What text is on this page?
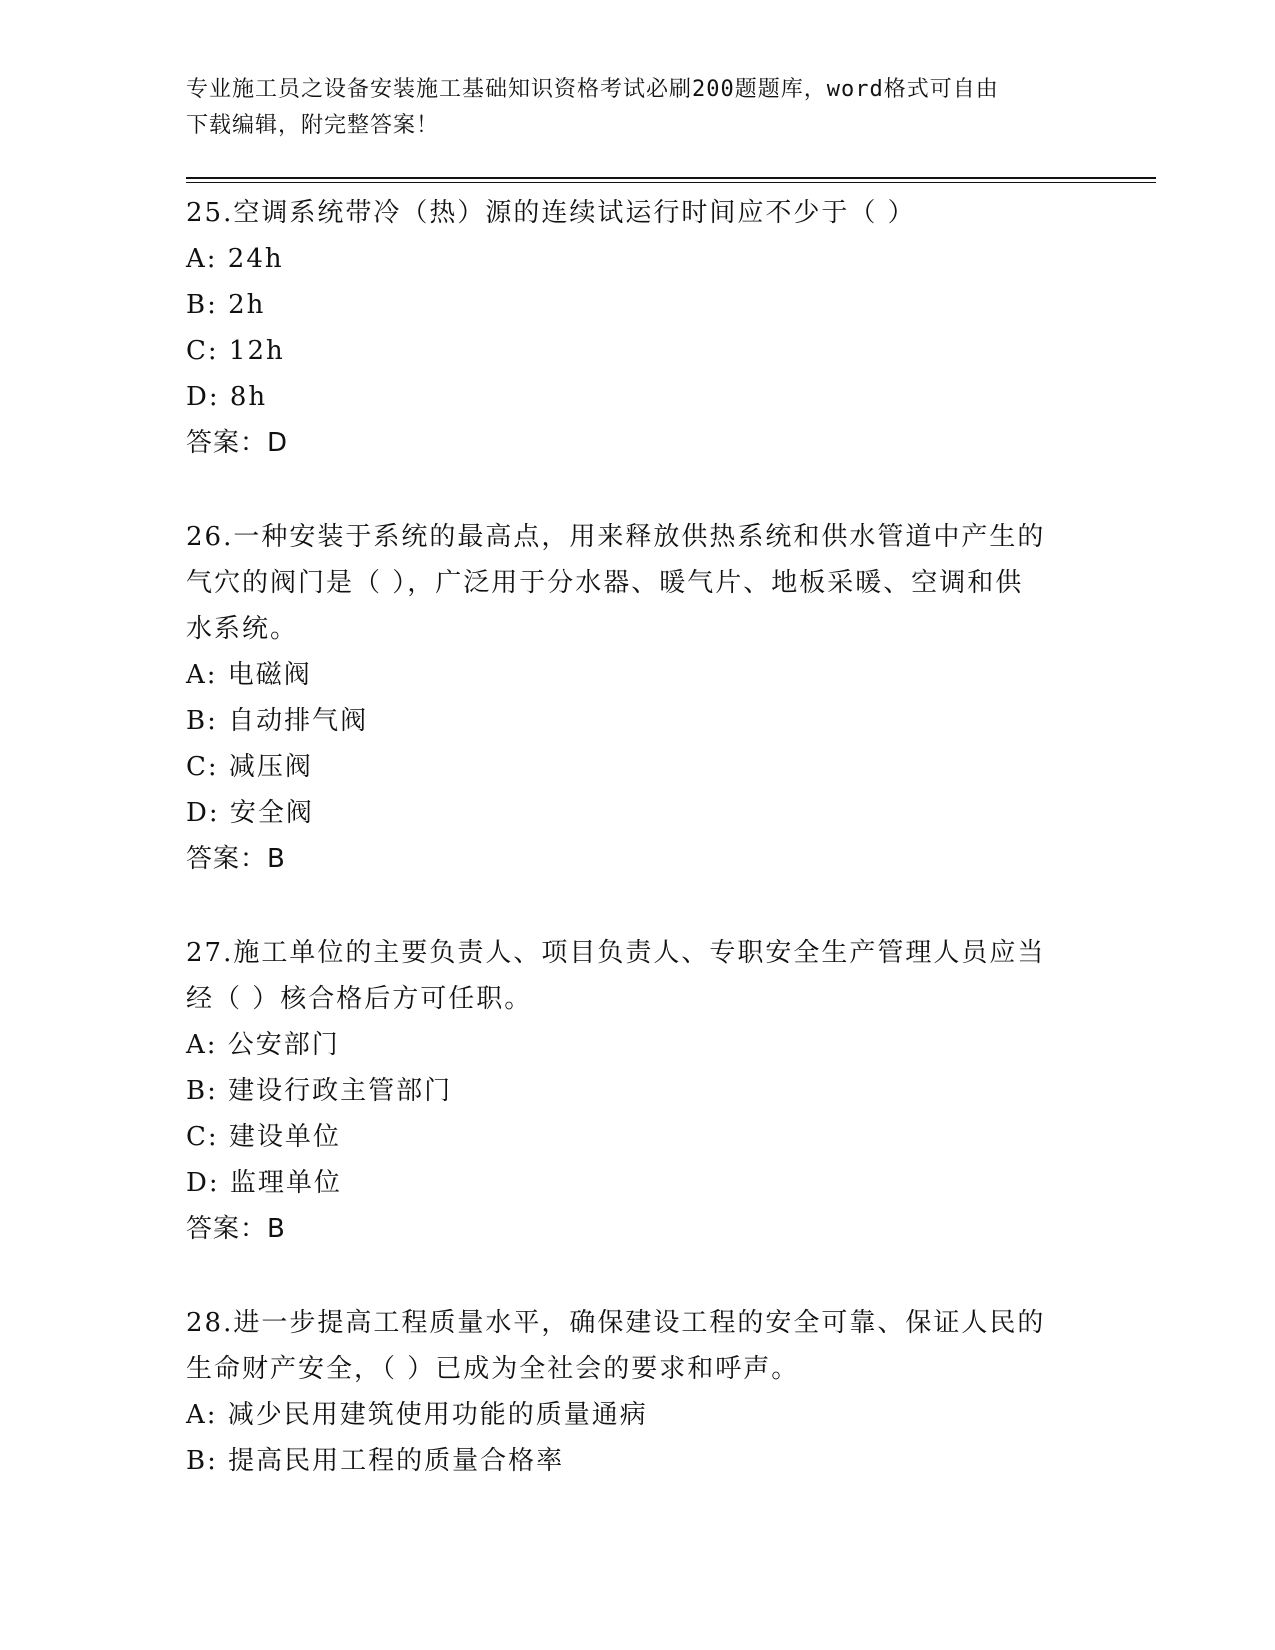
专业施工员之设备安装施工基础知识资格考试必刷200题题库，word格式可自由
下载编辑，附完整答案！
25.空调系统带冷（热）源的连续试运行时间应不少于（ ）
A: 24h
B: 2h
C: 12h
D: 8h
答案：D
26.一种安装于系统的最高点，用来释放供热系统和供水管道中产生的
气穴的阀门是（ ），广泛用于分水器、暖气片、地板采暖、空调和供
水系统。
A: 电磁阀
B: 自动排气阀
C: 减压阀
D: 安全阀
答案：B
27.施工单位的主要负责人、项目负责人、专职安全生产管理人员应当
经（ ）核合格后方可任职。
A: 公安部门
B: 建设行政主管部门
C: 建设单位
D: 监理单位
答案：B
28.进一步提高工程质量水平，确保建设工程的安全可靠、保证人民的
生命财产安全，（ ）已成为全社会的要求和呼声。
A: 减少民用建筑使用功能的质量通病
B: 提高民用工程的质量合格率
